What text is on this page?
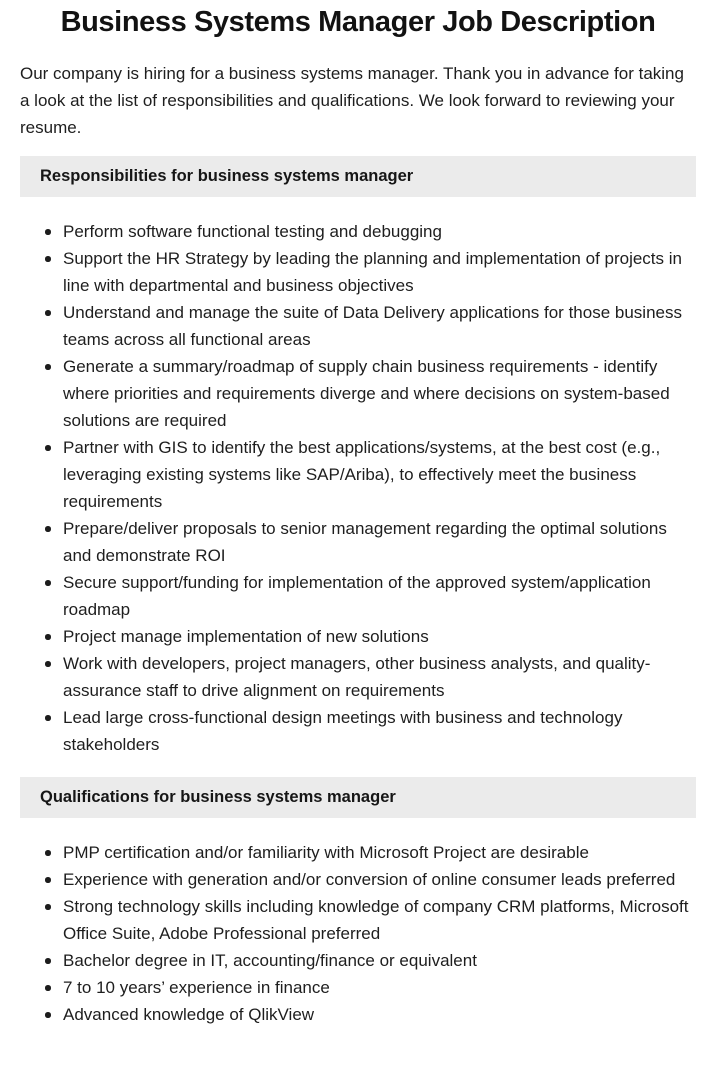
Business Systems Manager Job Description

Our company is hiring for a business systems manager. Thank you in advance for taking a look at the list of responsibilities and qualifications. We look forward to reviewing your resume.

Responsibilities for business systems manager
Perform software functional testing and debugging
Support the HR Strategy by leading the planning and implementation of projects in line with departmental and business objectives
Understand and manage the suite of Data Delivery applications for those business teams across all functional areas
Generate a summary/roadmap of supply chain business requirements - identify where priorities and requirements diverge and where decisions on system-based solutions are required
Partner with GIS to identify the best applications/systems, at the best cost (e.g., leveraging existing systems like SAP/Ariba), to effectively meet the business requirements
Prepare/deliver proposals to senior management regarding the optimal solutions and demonstrate ROI
Secure support/funding for implementation of the approved system/application roadmap
Project manage implementation of new solutions
Work with developers, project managers, other business analysts, and quality-assurance staff to drive alignment on requirements
Lead large cross-functional design meetings with business and technology stakeholders
Qualifications for business systems manager
PMP certification and/or familiarity with Microsoft Project are desirable
Experience with generation and/or conversion of online consumer leads preferred
Strong technology skills including knowledge of company CRM platforms, Microsoft Office Suite, Adobe Professional preferred
Bachelor degree in IT, accounting/finance or equivalent
7 to 10 years’ experience in finance
Advanced knowledge of QlikView
